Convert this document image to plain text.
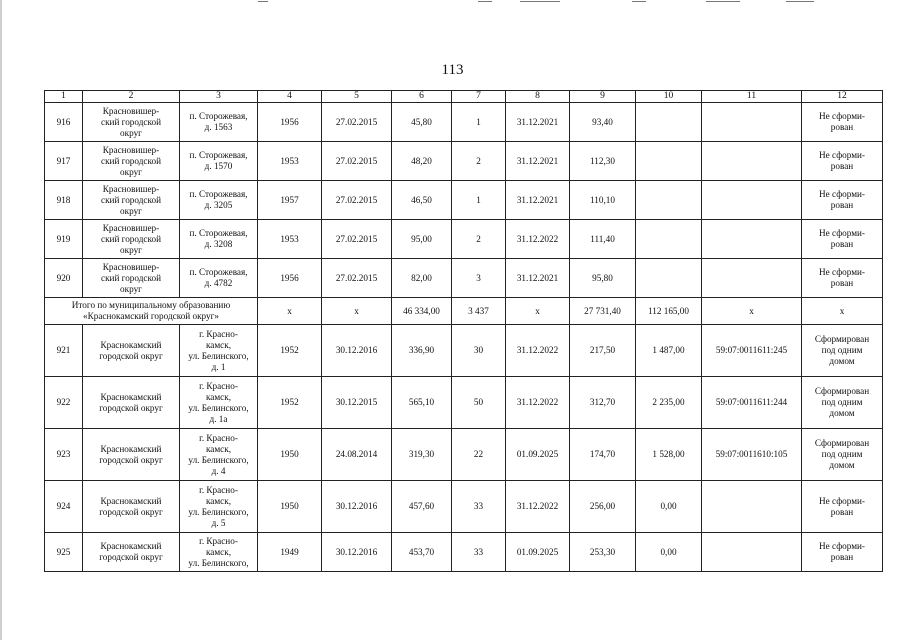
113
1	2	3	4	5	6	7	8	9	10	11	12
916	Красновишер-
ский городской
округ	п. Сторожевая,
д. 1563	1956	27.02.2015	45,80	1	31.12.2021	93,40			Не сформи-
рован

917	Красновишер-
ский городской
округ	п. Сторожевая,
д. 1570	1953	27.02.2015	48,20	2	31.12.2021	112,30			Не сформи-
рован

918	Красновишер-
ский городской
округ	п. Сторожевая,
д. 3205	1957	27.02.2015	46,50	1	31.12.2021	110,10			Не сформи-
рован

919	Красновишер-
ский городской
округ	п. Сторожевая,
д. 3208	1953	27.02.2015	95,00	2	31.12.2022	111,40			Не сформи-
рован

920	Красновишер-
ский городской
округ	п. Сторожевая,
д. 4782	1956	27.02.2015	82,00	3	31.12.2021	95,80			Не сформи-
рован

Итого по муниципальному образованию
«Краснокамский городской округ»			х	х	46 334,00	3 437	х	27 731,40	112 165,00	х	х
921	Краснокамский
городской округ	г. Красно-
камск,
ул. Белинского,
д. 1	1952	30.12.2016	336,90	30	31.12.2022	217,50	1 487,00	59:07:0011611:245	Сформирован
под одним
домом

922	Краснокамский
городской округ	г. Красно-
камск,
ул. Белинского,
д. 1а	1952	30.12.2015	565,10	50	31.12.2022	312,70	2 235,00	59:07:0011611:244	Сформирован
под одним
домом

923	Краснокамский
городской округ	г. Красно-
камск,
ул. Белинского,
д. 4	1950	24.08.2014	319,30	22	01.09.2025	174,70	1 528,00	59:07:0011610:105	Сформирован
под одним
домом

924	Краснокамский
городской округ	г. Красно-
камск,
ул. Белинского,
д. 5	1950	30.12.2016	457,60	33	31.12.2022	256,00	0,00		Не сформи-
рован

925	Краснокамский
городской округ	г. Красно-
камск,
ул. Белинского,	1949	30.12.2016	453,70	33	01.09.2025	253,30	0,00		Не сформи-
рован
